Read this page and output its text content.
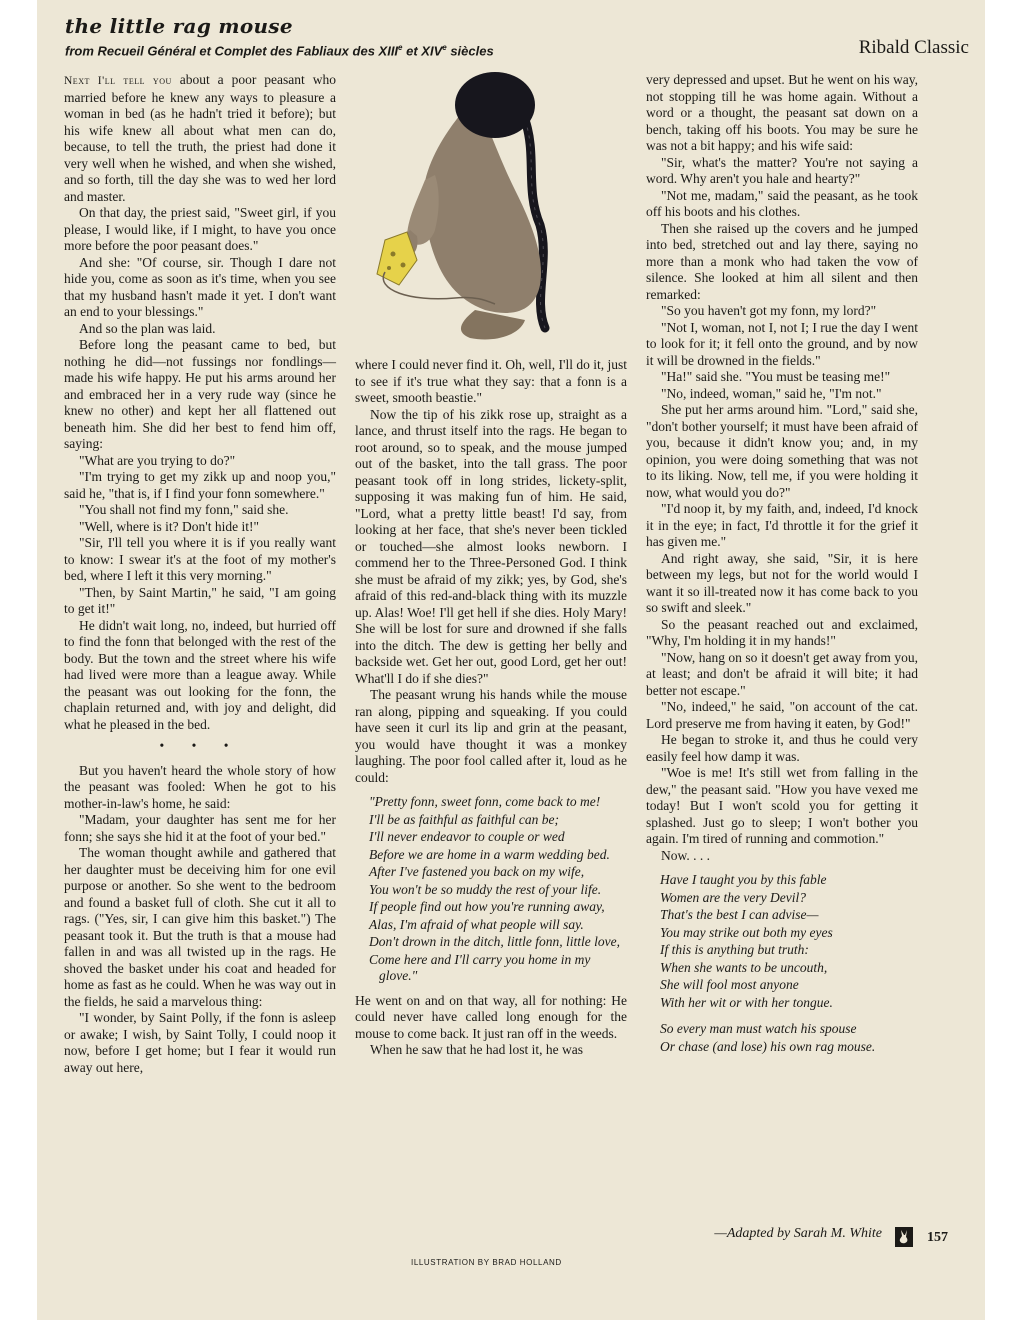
the little rag mouse
from Recueil Général et Complet des Fabliaux des XIIIe et XIVe siècles	Ribald Classic

Next I'll tell you about a poor peasant who married before he knew any ways to pleasure a woman in bed (as he hadn't tried it before); but his wife knew all about what men can do, because, to tell the truth, the priest had done it very well when he wished, and when she wished, and so forth, till the day she was to wed her lord and master.

On that day, the priest said, "Sweet girl, if you please, I would like, if I might, to have you once more before the poor peasant does."

And she: "Of course, sir. Though I dare not hide you, come as soon as it's time, when you see that my husband hasn't made it yet. I don't want an end to your blessings."

And so the plan was laid.

Before long the peasant came to bed, but nothing he did—not fussings nor fondlings—made his wife happy. He put his arms around her and embraced her in a very rude way (since he knew no other) and kept her all flattened out beneath him. She did her best to fend him off, saying:

"What are you trying to do?"

"I'm trying to get my zikk up and noop you," said he, "that is, if I find your fonn somewhere."

"You shall not find my fonn," said she.

"Well, where is it? Don't hide it!"

"Sir, I'll tell you where it is if you really want to know: I swear it's at the foot of my mother's bed, where I left it this very morning."

"Then, by Saint Martin," he said, "I am going to get it!"

He didn't wait long, no, indeed, but hurried off to find the fonn that belonged with the rest of the body. But the town and the street where his wife had lived were more than a league away. While the peasant was out looking for the fonn, the chaplain returned and, with joy and delight, did what he pleased in the bed.

• • •

But you haven't heard the whole story of how the peasant was fooled: When he got to his mother-in-law's home, he said:

"Madam, your daughter has sent me for her fonn; she says she hid it at the foot of your bed."

The woman thought awhile and gathered that her daughter must be deceiving him for one evil purpose or another. So she went to the bedroom and found a basket full of cloth. She cut it all to rags. ("Yes, sir, I can give him this basket.") The peasant took it. But the truth is that a mouse had fallen in and was all twisted up in the rags. He shoved the basket under his coat and headed for home as fast as he could. When he was way out in the fields, he said a marvelous thing:

"I wonder, by Saint Polly, if the fonn is asleep or awake; I wish, by Saint Tolly, I could noop it now, before I get home; but I fear it would run away out here,

where I could never find it. Oh, well, I'll do it, just to see if it's true what they say: that a fonn is a sweet, smooth beastie."

Now the tip of his zikk rose up, straight as a lance, and thrust itself into the rags. He began to root around, so to speak, and the mouse jumped out of the basket, into the tall grass. The poor peasant took off in long strides, lickety-split, supposing it was making fun of him. He said, "Lord, what a pretty little beast! I'd say, from looking at her face, that she's never been tickled or touched—she almost looks newborn. I commend her to the Three-Personed God. I think she must be afraid of my zikk; yes, by God, she's afraid of this red-and-black thing with its muzzle up. Alas! Woe! I'll get hell if she dies. Holy Mary! She will be lost for sure and drowned if she falls into the ditch. The dew is getting her belly and backside wet. Get her out, good Lord, get her out! What'll I do if she dies?"

The peasant wrung his hands while the mouse ran along, pipping and squeaking. If you could have seen it curl its lip and grin at the peasant, you would have thought it was a monkey laughing. The poor fool called after it, loud as he could:

"Pretty fonn, sweet fonn, come back to me!
I'll be as faithful as faithful can be;
I'll never endeavor to couple or wed
Before we are home in a warm wedding bed.
After I've fastened you back on my wife,
You won't be so muddy the rest of your life.
If people find out how you're running away,
Alas, I'm afraid of what people will say.
Don't drown in the ditch, little fonn, little love,
Come here and I'll carry you home in my glove."

He went on and on that way, all for nothing: He could never have called long enough for the mouse to come back. It just ran off in the weeds.

When he saw that he had lost it, he was

very depressed and upset. But he went on his way, not stopping till he was home again. Without a word or a thought, the peasant sat down on a bench, taking off his boots. You may be sure he was not a bit happy; and his wife said:

"Sir, what's the matter? You're not saying a word. Why aren't you hale and hearty?"

"Not me, madam," said the peasant, as he took off his boots and his clothes.

Then she raised up the covers and he jumped into bed, stretched out and lay there, saying no more than a monk who had taken the vow of silence. She looked at him all silent and then remarked:

"So you haven't got my fonn, my lord?"

"Not I, woman, not I, not I; I rue the day I went to look for it; it fell onto the ground, and by now it will be drowned in the fields."

"Ha!" said she. "You must be teasing me!"

"No, indeed, woman," said he, "I'm not."

She put her arms around him. "Lord," said she, "don't bother yourself; it must have been afraid of you, because it didn't know you; and, in my opinion, you were doing something that was not to its liking. Now, tell me, if you were holding it now, what would you do?"

"I'd noop it, by my faith, and, indeed, I'd knock it in the eye; in fact, I'd throttle it for the grief it has given me."

And right away, she said, "Sir, it is here between my legs, but not for the world would I want it so ill-treated now it has come back to you so swift and sleek."

So the peasant reached out and exclaimed, "Why, I'm holding it in my hands!"

"Now, hang on so it doesn't get away from you, at least; and don't be afraid it will bite; it had better not escape."

"No, indeed," he said, "on account of the cat. Lord preserve me from having it eaten, by God!"

He began to stroke it, and thus he could very easily feel how damp it was.

"Woe is me! It's still wet from falling in the dew," the peasant said. "How you have vexed me today! But I won't scold you for getting it splashed. Just go to sleep; I won't bother you again. I'm tired of running and commotion."

Now. . . .

Have I taught you by this fable
Women are the very Devil?
That's the best I can advise—
You may strike out both my eyes
If this is anything but truth:
When she wants to be uncouth,
She will fool most anyone
With her wit or with her tongue.

So every man must watch his spouse
Or chase (and lose) his own rag mouse.

—Adapted by Sarah M. White	157
ILLUSTRATION BY BRAD HOLLAND
